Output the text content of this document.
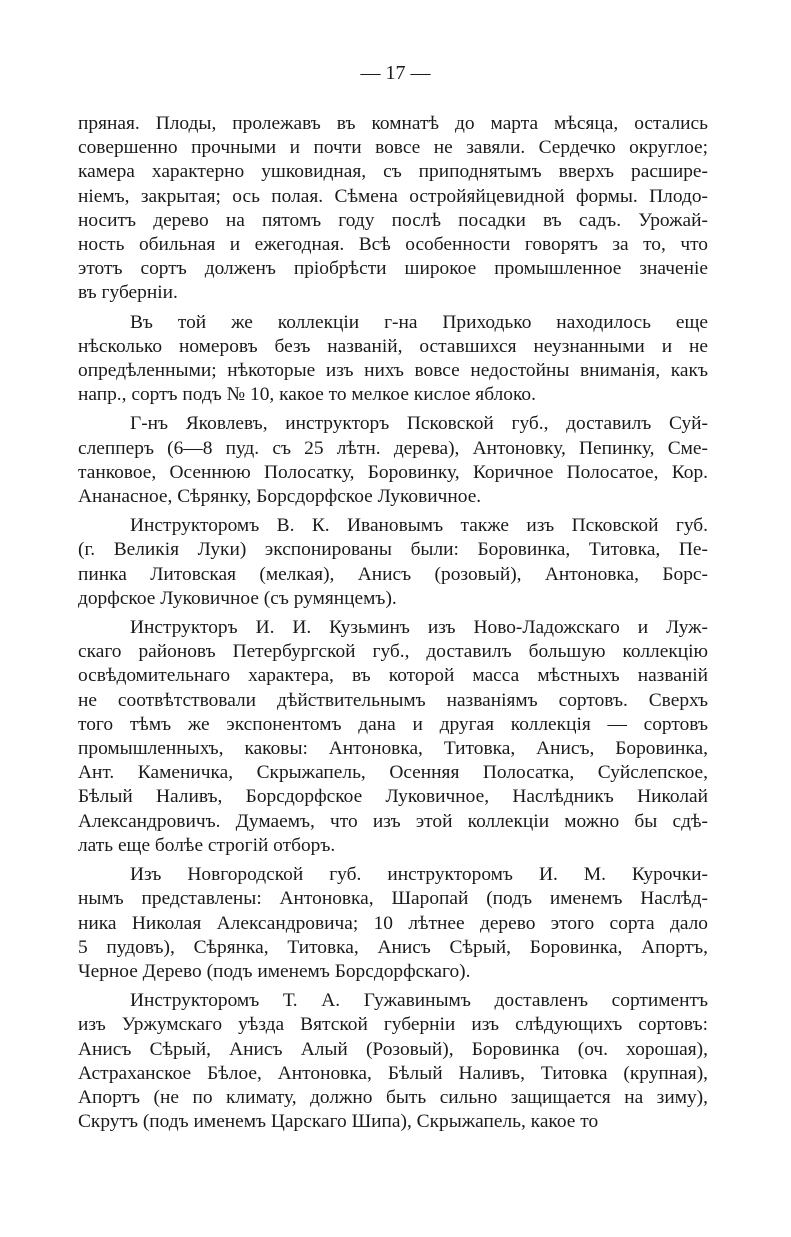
— 17 —
пряная. Плоды, пролежавъ въ комнатѣ до марта мѣсяца, остались
совершенно прочными и почти вовсе не завяли. Сердечко округлое;
камера характерно ушковидная, съ приподнятымъ вверхъ расшире-
ніемъ, закрытая; ось полая. Сѣмена остройяйцевидной формы. Плодо-
носитъ дерево на пятомъ году послѣ посадки въ садъ. Урожай-
ность обильная и ежегодная. Всѣ особенности говорятъ за то, что
этотъ сортъ долженъ пріобрѣсти широкое промышленное значеніе
въ губерніи.
Въ той же коллекціи г-на Приходько находилось еще
нѣсколько номеровъ безъ названій, оставшихся неузнанными и не
опредѣленными; нѣкоторые изъ нихъ вовсе недостойны вниманія, какъ
напр., сортъ подъ № 10, какое то мелкое кислое яблоко.
Г-нъ Яковлевъ, инструкторъ Псковской губ., доставилъ Суй-
слепперъ (6—8 пуд. съ 25 лѣтн. дерева), Антоновку, Пепинку, Сме-
танковое, Осеннюю Полосатку, Боровинку, Коричное Полосатое, Кор.
Ананасное, Сѣрянку, Борсдорфское Луковичное.
Инструкторомъ В. К. Ивановымъ также изъ Псковской губ.
(г. Великія Луки) экспонированы были: Боровинка, Титовка, Пе-
пинка Литовская (мелкая), Анисъ (розовый), Антоновка, Борс-
дорфское Луковичное (съ румянцемъ).
Инструкторъ И. И. Кузьминъ изъ Ново-Ладожскаго и Луж-
скаго районовъ Петербургской губ., доставилъ большую коллекцію
освѣдомительнаго характера, въ которой масса мѣстныхъ названій
не соотвѣтствовали дѣйствительнымъ названіямъ сортовъ. Сверхъ
того тѣмъ же экспонентомъ дана и другая коллекція — сортовъ
промышленныхъ, каковы: Антоновка, Титовка, Анисъ, Боровинка,
Ант. Каменичка, Скрыжапель, Осенняя Полосатка, Суйслепское,
Бѣлый Наливъ, Борсдорфское Луковичное, Наслѣдникъ Николай
Александровичъ. Думаемъ, что изъ этой коллекціи можно бы сдѣ-
лать еще болѣе строгій отборъ.
Изъ Новгородской губ. инструкторомъ И. М. Курочки-
нымъ представлены: Антоновка, Шаропай (подъ именемъ Наслѣд-
ника Николая Александровича; 10 лѣтнее дерево этого сорта дало
5 пудовъ), Сѣрянка, Титовка, Анисъ Сѣрый, Боровинка, Апортъ,
Черное Дерево (подъ именемъ Борсдорфскаго).
Инструкторомъ Т. А. Гужавинымъ доставленъ сортиментъ
изъ Уржумскаго уѣзда Вятской губерніи изъ слѣдующихъ сортовъ:
Анисъ Сѣрый, Анисъ Алый (Розовый), Боровинка (оч. хорошая),
Астраханское Бѣлое, Антоновка, Бѣлый Наливъ, Титовка (крупная),
Апортъ (не по климату, должно быть сильно защищается на зиму),
Скрутъ (подъ именемъ Царскаго Шипа), Скрыжапель, какое то
